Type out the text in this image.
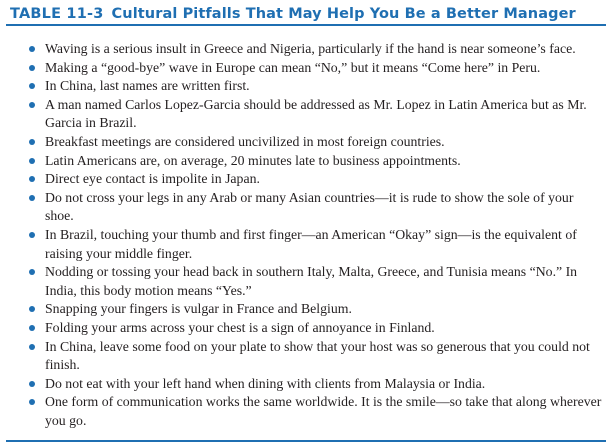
TABLE 11-3 Cultural Pitfalls That May Help You Be a Better Manager
Waving is a serious insult in Greece and Nigeria, particularly if the hand is near someone’s face.
Making a “good-bye” wave in Europe can mean “No,” but it means “Come here” in Peru.
In China, last names are written first.
A man named Carlos Lopez-Garcia should be addressed as Mr. Lopez in Latin America but as Mr. Garcia in Brazil.
Breakfast meetings are considered uncivilized in most foreign countries.
Latin Americans are, on average, 20 minutes late to business appointments.
Direct eye contact is impolite in Japan.
Do not cross your legs in any Arab or many Asian countries—it is rude to show the sole of your shoe.
In Brazil, touching your thumb and first finger—an American “Okay” sign—is the equivalent of raising your middle finger.
Nodding or tossing your head back in southern Italy, Malta, Greece, and Tunisia means “No.” In India, this body motion means “Yes.”
Snapping your fingers is vulgar in France and Belgium.
Folding your arms across your chest is a sign of annoyance in Finland.
In China, leave some food on your plate to show that your host was so generous that you could not finish.
Do not eat with your left hand when dining with clients from Malaysia or India.
One form of communication works the same worldwide. It is the smile—so take that along wherever you go.
